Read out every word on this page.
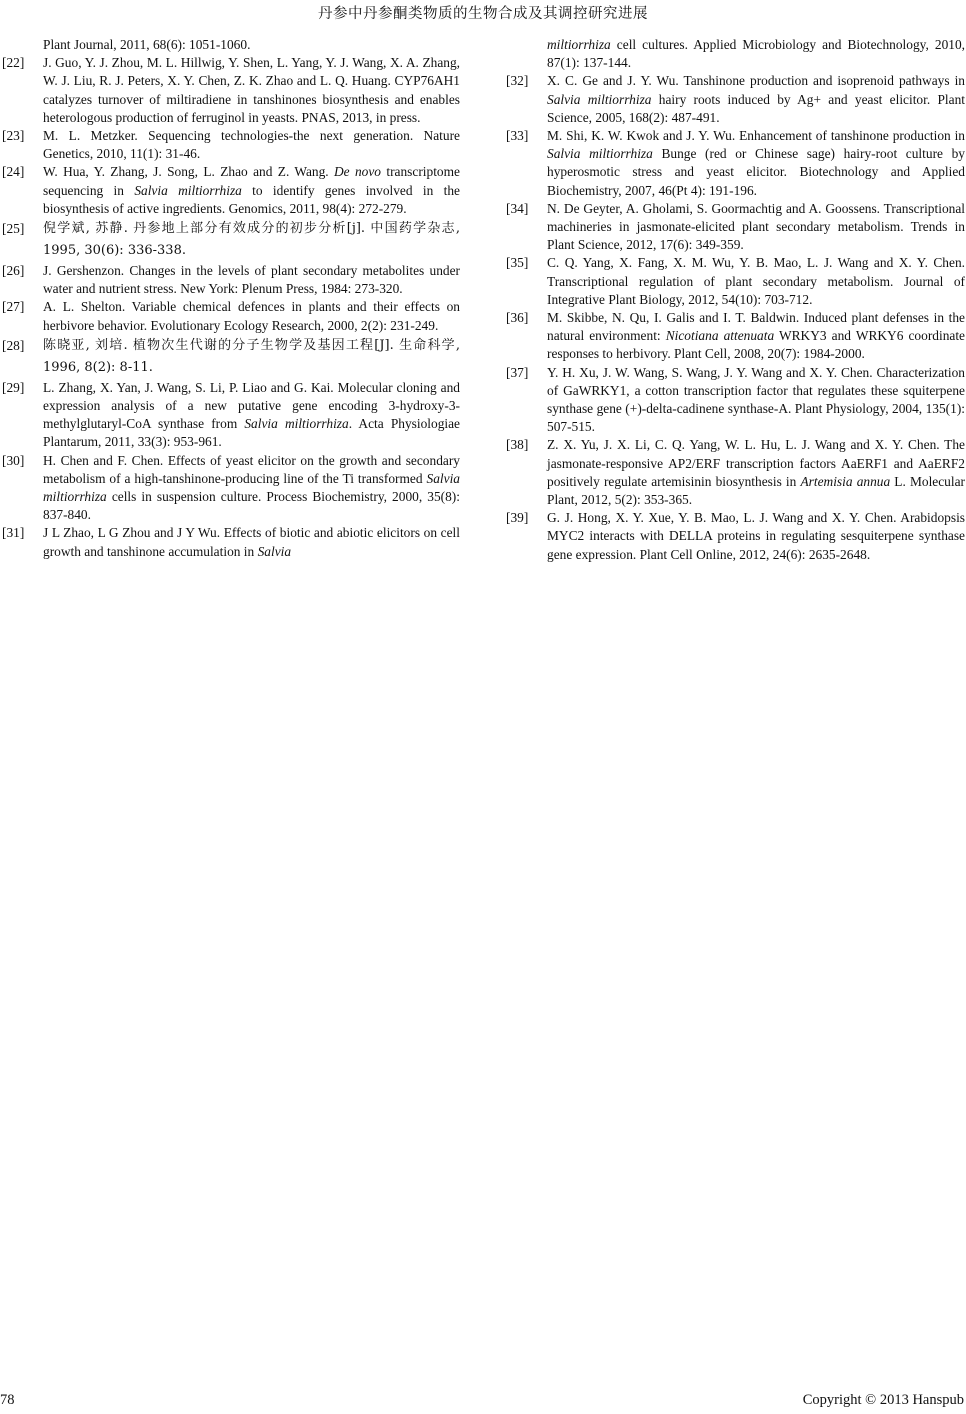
丹参中丹参酮类物质的生物合成及其调控研究进展
Plant Journal, 2011, 68(6): 1051-1060.
[22] J. Guo, Y. J. Zhou, M. L. Hillwig, Y. Shen, L. Yang, Y. J. Wang, X. A. Zhang, W. J. Liu, R. J. Peters, X. Y. Chen, Z. K. Zhao and L. Q. Huang. CYP76AH1 catalyzes turnover of miltiradiene in tanshinones biosynthesis and enables heterologous production of ferruginol in yeasts. PNAS, 2013, in press.
[23] M. L. Metzker. Sequencing technologies-the next generation. Nature Genetics, 2010, 11(1): 31-46.
[24] W. Hua, Y. Zhang, J. Song, L. Zhao and Z. Wang. De novo transcriptome sequencing in Salvia miltiorrhiza to identify genes involved in the biosynthesis of active ingredients. Genomics, 2011, 98(4): 272-279.
[25] 倪学斌, 苏静. 丹参地上部分有效成分的初步分析[j]. 中国药学杂志, 1995, 30(6): 336-338.
[26] J. Gershenzon. Changes in the levels of plant secondary metabolites under water and nutrient stress. New York: Plenum Press, 1984: 273-320.
[27] A. L. Shelton. Variable chemical defences in plants and their effects on herbivore behavior. Evolutionary Ecology Research, 2000, 2(2): 231-249.
[28] 陈晓亚, 刘培. 植物次生代谢的分子生物学及基因工程[J]. 生命科学, 1996, 8(2): 8-11.
[29] L. Zhang, X. Yan, J. Wang, S. Li, P. Liao and G. Kai. Molecular cloning and expression analysis of a new putative gene encoding 3-hydroxy-3-methylglutaryl-CoA synthase from Salvia miltiorrhiza. Acta Physiologiae Plantarum, 2011, 33(3): 953-961.
[30] H. Chen and F. Chen. Effects of yeast elicitor on the growth and secondary metabolism of a high-tanshinone-producing line of the Ti transformed Salvia miltiorrhiza cells in suspension culture. Process Biochemistry, 2000, 35(8): 837-840.
[31] J L Zhao, L G Zhou and J Y Wu. Effects of biotic and abiotic elicitors on cell growth and tanshinone accumulation in Salvia
miltiorrhiza cell cultures. Applied Microbiology and Biotechnology, 2010, 87(1): 137-144.
[32] X. C. Ge and J. Y. Wu. Tanshinone production and isoprenoid pathways in Salvia miltiorrhiza hairy roots induced by Ag+ and yeast elicitor. Plant Science, 2005, 168(2): 487-491.
[33] M. Shi, K. W. Kwok and J. Y. Wu. Enhancement of tanshinone production in Salvia miltiorrhiza Bunge (red or Chinese sage) hairy-root culture by hyperosmotic stress and yeast elicitor. Biotechnology and Applied Biochemistry, 2007, 46(Pt 4): 191-196.
[34] N. De Geyter, A. Gholami, S. Goormachtig and A. Goossens. Transcriptional machineries in jasmonate-elicited plant secondary metabolism. Trends in Plant Science, 2012, 17(6): 349-359.
[35] C. Q. Yang, X. Fang, X. M. Wu, Y. B. Mao, L. J. Wang and X. Y. Chen. Transcriptional regulation of plant secondary metabolism. Journal of Integrative Plant Biology, 2012, 54(10): 703-712.
[36] M. Skibbe, N. Qu, I. Galis and I. T. Baldwin. Induced plant defenses in the natural environment: Nicotiana attenuata WRKY3 and WRKY6 coordinate responses to herbivory. Plant Cell, 2008, 20(7): 1984-2000.
[37] Y. H. Xu, J. W. Wang, S. Wang, J. Y. Wang and X. Y. Chen. Characterization of GaWRKY1, a cotton transcription factor that regulates these squiterpene synthase gene (+)-delta-cadinene synthase-A. Plant Physiology, 2004, 135(1): 507-515.
[38] Z. X. Yu, J. X. Li, C. Q. Yang, W. L. Hu, L. J. Wang and X. Y. Chen. The jasmonate-responsive AP2/ERF transcription factors AaERF1 and AaERF2 positively regulate artemisinin biosynthesis in Artemisia annua L. Molecular Plant, 2012, 5(2): 353-365.
[39] G. J. Hong, X. Y. Xue, Y. B. Mao, L. J. Wang and X. Y. Chen. Arabidopsis MYC2 interacts with DELLA proteins in regulating sesquiterpene synthase gene expression. Plant Cell Online, 2012, 24(6): 2635-2648.
78	Copyright © 2013 Hanspub
